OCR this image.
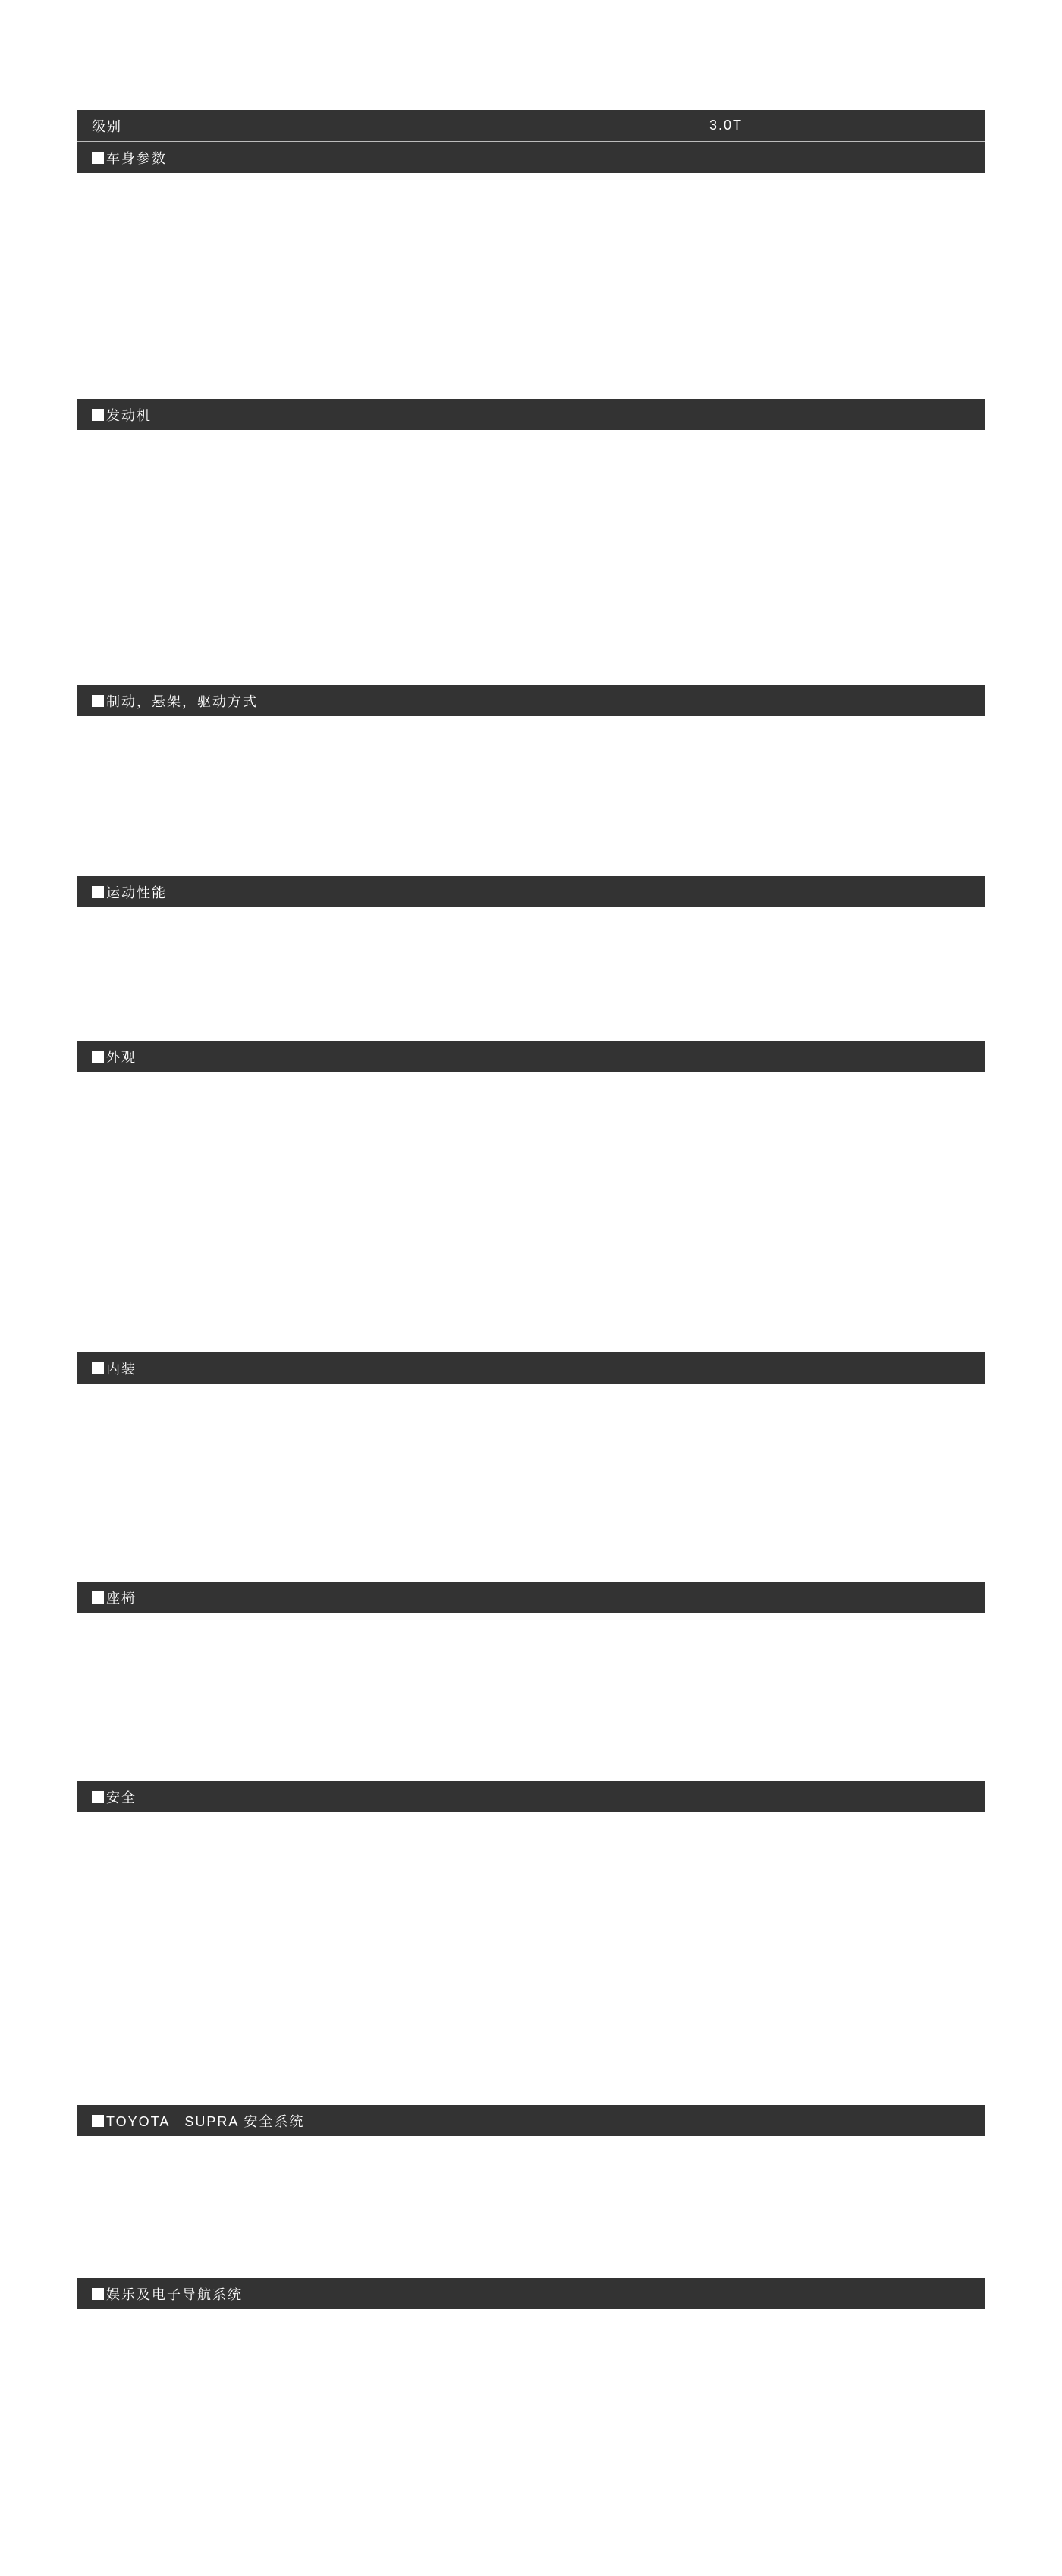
级别	3.0T
车身参数
发动机
制动，悬架，驱动方式
运动性能
外观
内装
座椅
安全
TOYOTA　SUPRA 安全系统
娱乐及电子导航系统
